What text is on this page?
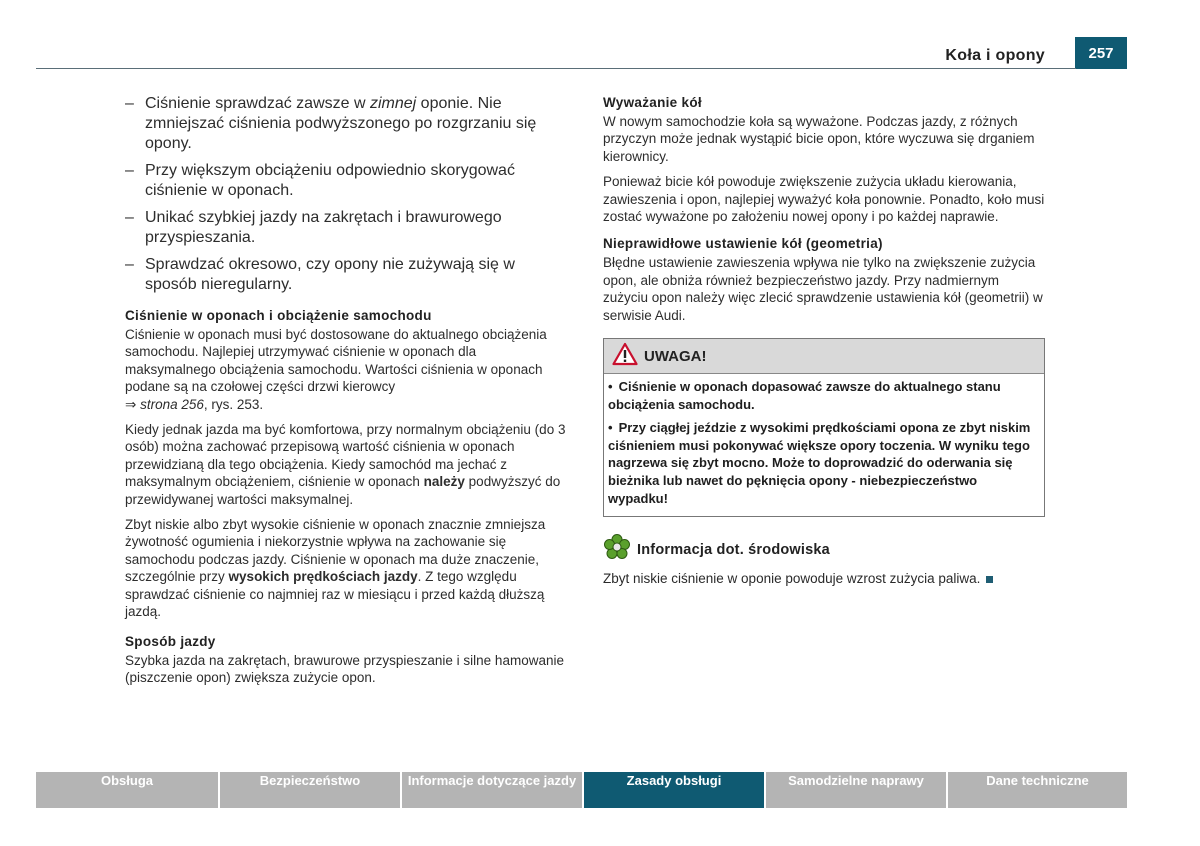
Koła i opony	257
– Ciśnienie sprawdzać zawsze w zimnej oponie. Nie zmniejszać ciśnienia podwyższonego po rozgrzaniu się opony.
– Przy większym obciążeniu odpowiednio skorygować ciśnienie w oponach.
– Unikać szybkiej jazdy na zakrętach i brawurowego przyspieszania.
– Sprawdzać okresowo, czy opony nie zużywają się w sposób nieregularny.
Ciśnienie w oponach i obciążenie samochodu
Ciśnienie w oponach musi być dostosowane do aktualnego obciążenia samochodu. Najlepiej utrzymywać ciśnienie w oponach dla maksymalnego obciążenia samochodu. Wartości ciśnienia w oponach podane są na czołowej części drzwi kierowcy
⇒ strona 256, rys. 253.
Kiedy jednak jazda ma być komfortowa, przy normalnym obciążeniu (do 3 osób) można zachować przepisową wartość ciśnienia w oponach przewidzianą dla tego obciążenia. Kiedy samochód ma jechać z maksymalnym obciążeniem, ciśnienie w oponach należy podwyższyć do przewidywanej wartości maksymalnej.
Zbyt niskie albo zbyt wysokie ciśnienie w oponach znacznie zmniejsza żywotność ogumienia i niekorzystnie wpływa na zachowanie się samochodu podczas jazdy. Ciśnienie w oponach ma duże znaczenie, szczególnie przy wysokich prędkościach jazdy. Z tego względu sprawdzać ciśnienie co najmniej raz w miesiącu i przed każdą dłuższą jazdą.
Sposób jazdy
Szybka jazda na zakrętach, brawurowe przyspieszanie i silne hamowanie (piszczenie opon) zwiększa zużycie opon.
Wyważanie kół
W nowym samochodzie koła są wyważone. Podczas jazdy, z różnych przyczyn może jednak wystąpić bicie opon, które wyczuwa się drganiem kierownicy.
Ponieważ bicie kół powoduje zwiększenie zużycia układu kierowania, zawieszenia i opon, najlepiej wyważyć koła ponownie. Ponadto, koło musi zostać wyważone po założeniu nowej opony i po każdej naprawie.
Nieprawidłowe ustawienie kół (geometria)
Błędne ustawienie zawieszenia wpływa nie tylko na zwiększenie zużycia opon, ale obniża również bezpieczeństwo jazdy. Przy nadmiernym zużyciu opon należy więc zlecić sprawdzenie ustawienia kół (geometrii) w serwisie Audi.
UWAGA!
• Ciśnienie w oponach dopasować zawsze do aktualnego stanu obciążenia samochodu.
• Przy ciągłej jeździe z wysokimi prędkościami opona ze zbyt niskim ciśnieniem musi pokonywać większe opory toczenia. W wyniku tego nagrzewa się zbyt mocno. Może to doprowadzić do oderwania się bieżnika lub nawet do pęknięcia opony - niebezpieczeństwo wypadku!
Informacja dot. środowiska
Zbyt niskie ciśnienie w oponie powoduje wzrost zużycia paliwa.
Obsługa	Bezpieczeństwo	Informacje dotyczące jazdy	Zasady obsługi	Samodzielne naprawy	Dane techniczne
